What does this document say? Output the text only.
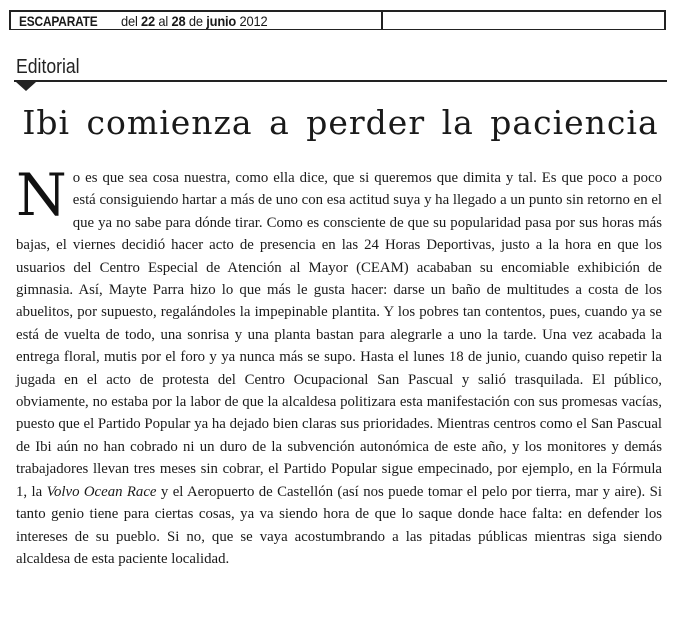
ESCAPARATE del 22 al 28 de junio 2012
Editorial
Ibi comienza a perder la paciencia

No es que sea cosa nuestra, como ella dice, que si queremos que dimita y tal. Es que poco a poco está consiguiendo hartar a más de uno con esa actitud suya y ha llegado a un punto sin retorno en el que ya no sabe para dónde tirar. Como es consciente de que su popularidad pasa por sus horas más bajas, el viernes decidió hacer acto de presencia en las 24 Horas Deportivas, justo a la hora en que los usuarios del Centro Especial de Atención al Mayor (CEAM) acababan su encomiable exhibición de gimnasia. Así, Mayte Parra hizo lo que más le gusta hacer: darse un baño de multitudes a costa de los abuelitos, por supuesto, regalándoles la impepinable plantita. Y los pobres tan contentos, pues, cuando ya se está de vuelta de todo, una sonrisa y una planta bastan para alegrarle a uno la tarde. Una vez acabada la entrega floral, mutis por el foro y ya nunca más se supo. Hasta el lunes 18 de junio, cuando quiso repetir la jugada en el acto de protesta del Centro Ocupacional San Pascual y salió trasquilada. El público, obviamente, no estaba por la labor de que la alcaldesa politizara esta manifestación con sus promesas vacías, puesto que el Partido Popular ya ha dejado bien claras sus prioridades. Mientras centros como el San Pascual de Ibi aún no han cobrado ni un duro de la subvención autonómica de este año, y los monitores y demás trabajadores llevan tres meses sin cobrar, el Partido Popular sigue empecinado, por ejemplo, en la Fórmula 1, la Volvo Ocean Race y el Aeropuerto de Castellón (así nos puede tomar el pelo por tierra, mar y aire). Si tanto genio tiene para ciertas cosas, ya va siendo hora de que lo saque donde hace falta: en defender los intereses de su pueblo. Si no, que se vaya acostumbrando a las pitadas públicas mientras siga siendo alcaldesa de esta paciente localidad.
